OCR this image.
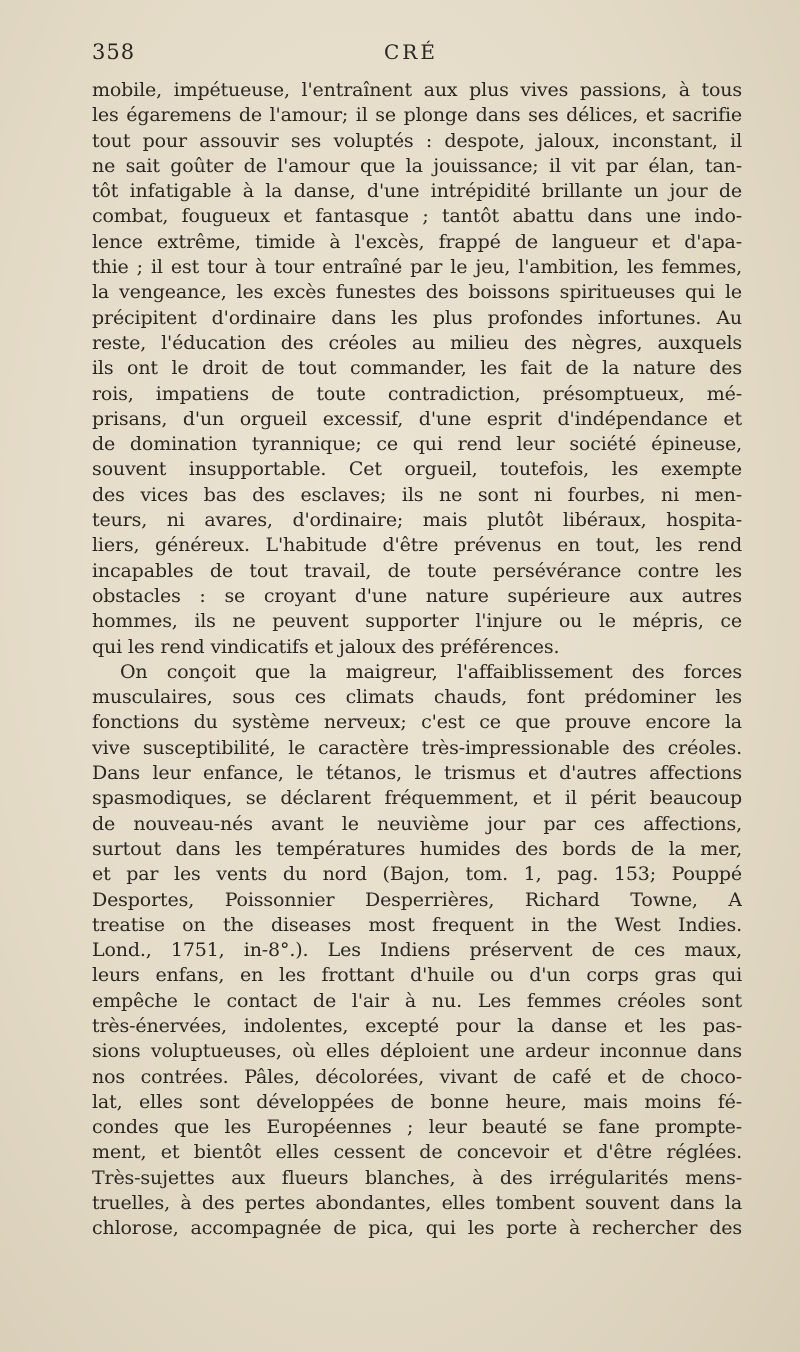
358	CRÉ
mobile, impétueuse, l'entraînent aux plus vives passions, à tous
les égaremens de l'amour; il se plonge dans ses délices, et sacrifie
tout pour assouvir ses voluptés : despote, jaloux, inconstant, il
ne sait goûter de l'amour que la jouissance; il vit par élan, tan-
tôt infatigable à la danse, d'une intrépidité brillante un jour de
combat, fougueux et fantasque ; tantôt abattu dans une indo-
lence extrême, timide à l'excès, frappé de langueur et d'apa-
thie ; il est tour à tour entraîné par le jeu, l'ambition, les femmes,
la vengeance, les excès funestes des boissons spiritueuses qui le
précipitent d'ordinaire dans les plus profondes infortunes. Au
reste, l'éducation des créoles au milieu des nègres, auxquels
ils ont le droit de tout commander, les fait de la nature des
rois, impatiens de toute contradiction, présomptueux, mé-
prisans, d'un orgueil excessif, d'une esprit d'indépendance et
de domination tyrannique; ce qui rend leur société épineuse,
souvent insupportable. Cet orgueil, toutefois, les exempte
des vices bas des esclaves; ils ne sont ni fourbes, ni men-
teurs, ni avares, d'ordinaire; mais plutôt libéraux, hospita-
liers, généreux. L'habitude d'être prévenus en tout, les rend
incapables de tout travail, de toute persévérance contre les
obstacles : se croyant d'une nature supérieure aux autres
hommes, ils ne peuvent supporter l'injure ou le mépris, ce
qui les rend vindicatifs et jaloux des préférences.
On conçoit que la maigreur, l'affaiblissement des forces
musculaires, sous ces climats chauds, font prédominer les
fonctions du système nerveux; c'est ce que prouve encore la
vive susceptibilité, le caractère très-impressionable des créoles.
Dans leur enfance, le tétanos, le trismus et d'autres affections
spasmodiques, se déclarent fréquemment, et il périt beaucoup
de nouveau-nés avant le neuvième jour par ces affections,
surtout dans les températures humides des bords de la mer,
et par les vents du nord (Bajon, tom. 1, pag. 153; Pouppé
Desportes, Poissonnier Desperrières, Richard Towne, A
treatise on the diseases most frequent in the West Indies.
Lond., 1751, in-8°.). Les Indiens préservent de ces maux,
leurs enfans, en les frottant d'huile ou d'un corps gras qui
empêche le contact de l'air à nu. Les femmes créoles sont
très-énervées, indolentes, excepté pour la danse et les pas-
sions voluptueuses, où elles déploient une ardeur inconnue dans
nos contrées. Pâles, décolorées, vivant de café et de choco-
lat, elles sont développées de bonne heure, mais moins fé-
condes que les Européennes ; leur beauté se fane prompte-
ment, et bientôt elles cessent de concevoir et d'être réglées.
Très-sujettes aux flueurs blanches, à des irrégularités mens-
truelles, à des pertes abondantes, elles tombent souvent dans la
chlorose, accompagnée de pica, qui les porte à rechercher des
